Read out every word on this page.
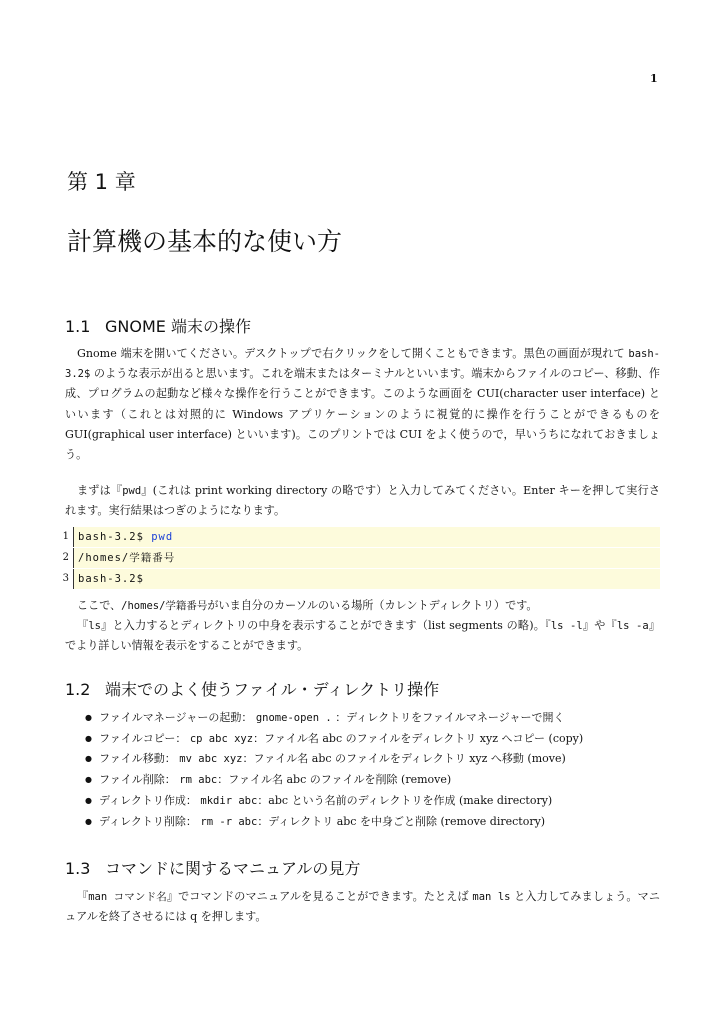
1
第 1 章
計算機の基本的な使い方
1.1 GNOME 端末の操作
Gnome 端末を開いてください。デスクトップで右クリックをして開くこともできます。黒色の画面が現れて bash-3.2$ のような表示が出ると思います。これを端末またはターミナルといいます。端末からファイルのコピー、移動、作成、プログラムの起動など様々な操作を行うことができます。このような画面を CUI(character user interface) といいます（これとは対照的に Windows アプリケーションのように視覚的に操作を行うことができるものを GUI(graphical user interface) といいます)。このプリントでは CUI をよく使うので，早いうちになれておきましょう。
まずは『pwd』(これは print working directory の略です）と入力してみてください。Enter キーを押して実行されます。実行結果はつぎのようになります。
1 bash-3.2$ pwd
2 /homes/学籍番号
3 bash-3.2$
ここで、/homes/学籍番号がいま自分のカーソルのいる場所（カレントディレクトリ）です。
『ls』と入力するとディレクトリの中身を表示することができます（list segments の略)。『ls -l』や『ls -a』でより詳しい情報を表示をすることができます。
1.2 端末でのよく使うファイル・ディレクトリ操作
● ファイルマネージャーの起動： gnome-open . ：ディレクトリをファイルマネージャーで開く
● ファイルコピー： cp abc xyz：ファイル名 abc のファイルをディレクトリ xyz へコピー (copy)
● ファイル移動： mv abc xyz：ファイル名 abc のファイルをディレクトリ xyz へ移動 (move)
● ファイル削除： rm abc：ファイル名 abc のファイルを削除 (remove)
● ディレクトリ作成： mkdir abc：abc という名前のディレクトリを作成 (make directory)
● ディレクトリ削除： rm -r abc：ディレクトリ abc を中身ごと削除 (remove directory)
1.3 コマンドに関するマニュアルの見方
『man コマンド名』でコマンドのマニュアルを見ることができます。たとえば man ls と入力してみましょう。マニュアルを終了させるには q を押します。
